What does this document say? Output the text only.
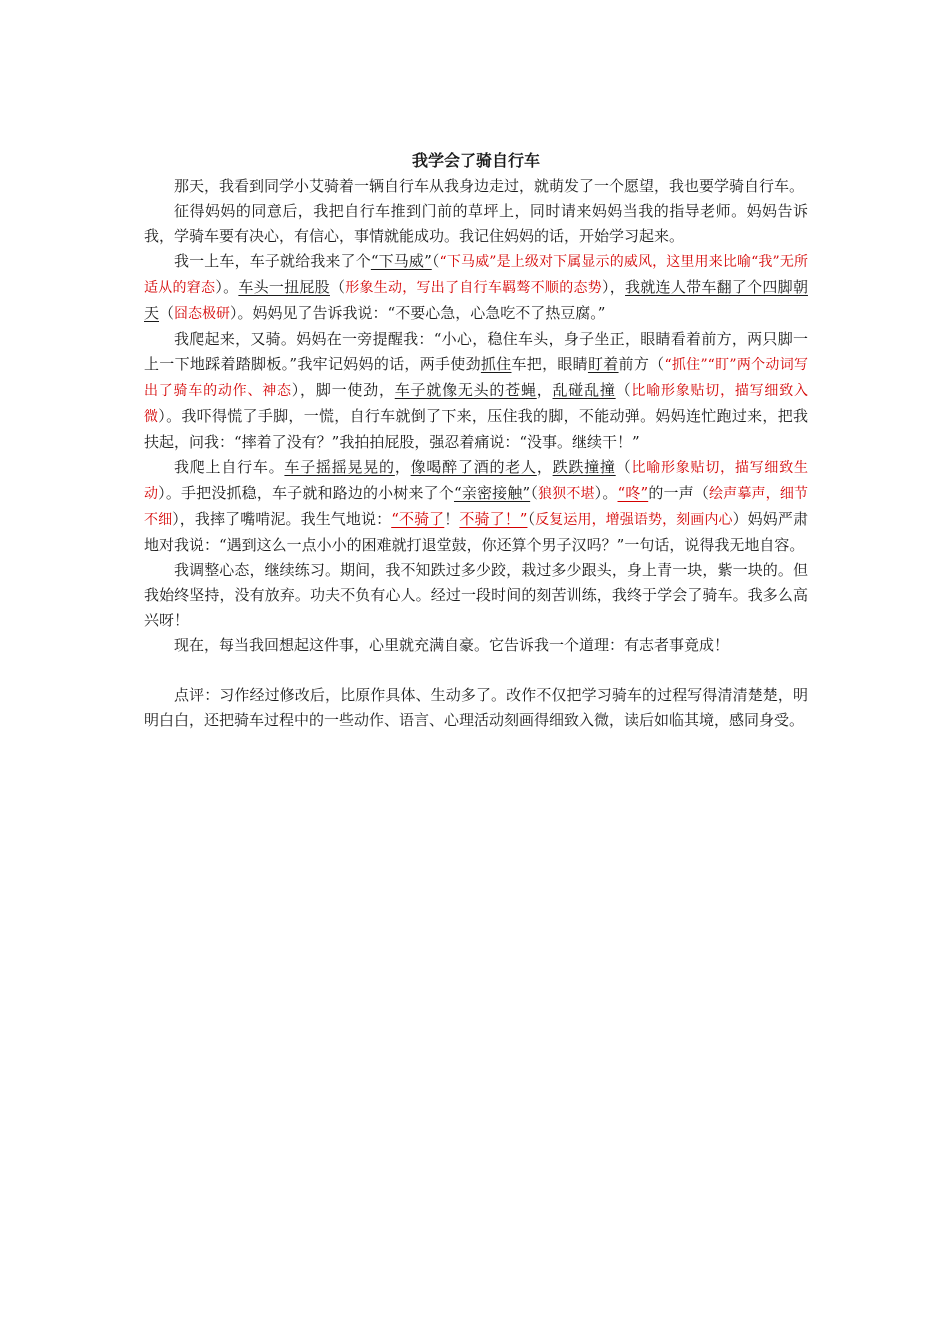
我学会了骑自行车

那天，我看到同学小艾骑着一辆自行车从我身边走过，就萌发了一个愿望，我也要学骑自行车。

征得妈妈的同意后，我把自行车推到门前的草坪上，同时请来妈妈当我的指导老师。妈妈告诉我，学骑车要有决心，有信心，事情就能成功。我记住妈妈的话，开始学习起来。

我一上车，车子就给我来了个“下马威”（“下马威”是上级对下属显示的威风，这里用来比喻“我”无所适从的窘态）。车头一扭屁股（形象生动，写出了自行车羁骜不顺的态势），我就连人带车翻了个四脚朝天（囧态极研）。妈妈见了告诉我说：“不要心急，心急吃不了热豆腐。”

我爬起来，又骑。妈妈在一旁提醒我：“小心，稳住车头，身子坐正，眼睛看着前方，两只脚一上一下地踩着踏脚板。”我牢记妈妈的话，两手使劲抓住车把，眼睛盯着前方（“抓住”“盯”两个动词写出了骑车的动作、神态），脚一使劲，车子就像无头的苍蝇，乱碰乱撞（比喻形象贴切，描写细致入微）。我吓得慌了手脚，一慌，自行车就倒了下来，压住我的脚，不能动弹。妈妈连忙跑过来，把我扶起，问我：“摔着了没有？”我拍拍屁股，强忍着痛说：“没事。继续干！”

我爬上自行车。车子摇摇晃晃的，像喝醉了酒的老人，跌跌撞撞（比喻形象贴切，描写细致生动）。手把没抓稳，车子就和路边的小树来了个“亲密接触”（狼狈不堪）。“咚”的一声（绘声摹声，细节不细），我摔了嘴啃泥。我生气地说：“不骑了！不骑了！”（反复运用，增强语势，刻画内心）妈妈严肃地对我说：“遇到这么一点小小的困难就打退堂鼓，你还算个男子汉吗？”一句话，说得我无地自容。

我调整心态，继续练习。期间，我不知跌过多少跤，栽过多少跟头，身上青一块，紫一块的。但我始终坚持，没有放弃。功夫不负有心人。经过一段时间的刻苦训练，我终于学会了骑车。我多么高兴呀！

现在，每当我回想起这件事，心里就充满自豪。它告诉我一个道理：有志者事竟成！

点评：习作经过修改后，比原作具体、生动多了。改作不仅把学习骑车的过程写得清清楚楚，明明白白，还把骑车过程中的一些动作、语言、心理活动刻画得细致入微，读后如临其境，感同身受。
